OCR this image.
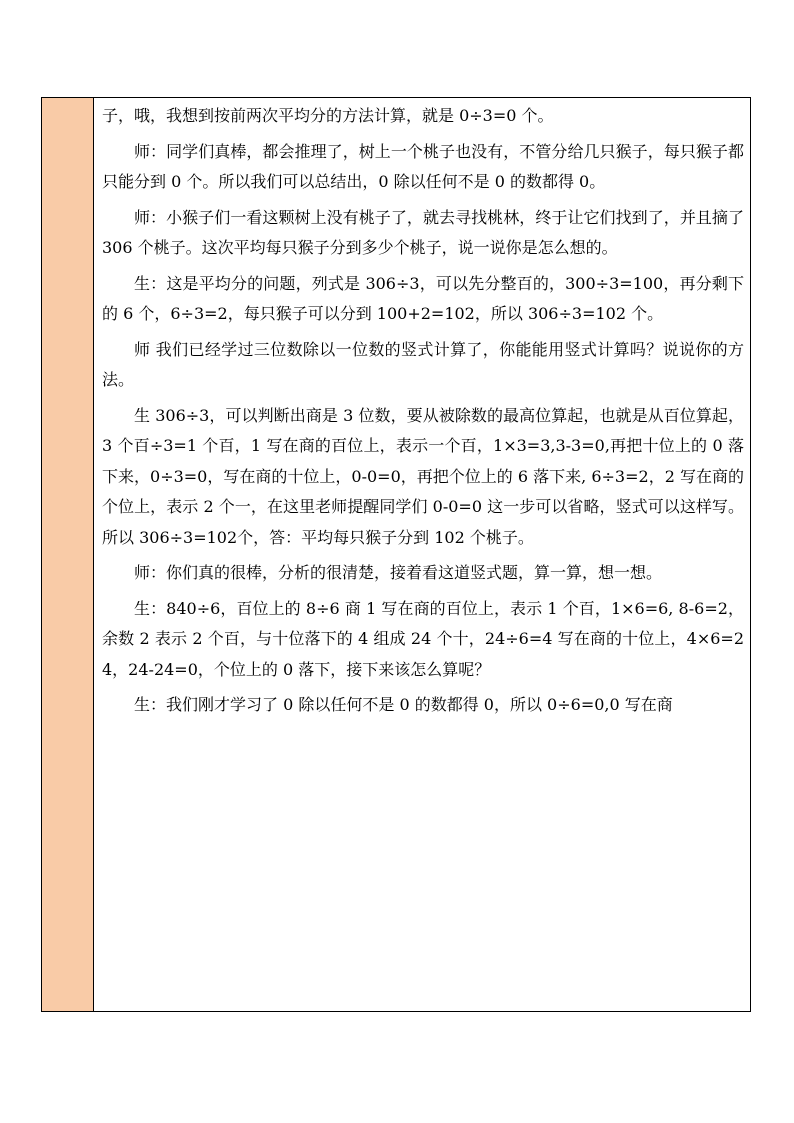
子，哦，我想到按前两次平均分的方法计算，就是 0÷3=0 个。

师：同学们真棒，都会推理了，树上一个桃子也没有，不管分给几只猴子，每只猴子都只能分到 0 个。所以我们可以总结出，0 除以任何不是 0 的数都得 0。

师：小猴子们一看这颗树上没有桃子了，就去寻找桃林，终于让它们找到了，并且摘了 306 个桃子。这次平均每只猴子分到多少个桃子，说一说你是怎么想的。

生：这是平均分的问题，列式是 306÷3，可以先分整百的，300÷3=100，再分剩下的 6 个，6÷3=2，每只猴子可以分到 100+2=102，所以 306÷3=102 个。

师 我们已经学过三位数除以一位数的竖式计算了，你能能用竖式计算吗？说说你的方法。

生 306÷3，可以判断出商是 3 位数，要从被除数的最高位算起，也就是从百位算起，3 个百÷3=1 个百，1 写在商的百位上，表示一个百，1×3=3,3-3=0,再把十位上的 0 落下来，0÷3=0，写在商的十位上，0-0=0，再把个位上的 6 落下来, 6÷3=2，2 写在商的个位上，表示 2 个一，在这里老师提醒同学们 0-0=0 这一步可以省略，竖式可以这样写。所以 306÷3=102个，答：平均每只猴子分到 102 个桃子。

师：你们真的很棒，分析的很清楚，接着看这道竖式题，算一算，想一想。

生：840÷6，百位上的 8÷6 商 1 写在商的百位上，表示 1 个百，1×6=6, 8-6=2，余数 2 表示 2 个百，与十位落下的 4 组成 24 个十，24÷6=4 写在商的十位上，4×6=24，24-24=0，个位上的 0 落下，接下来该怎么算呢？

生：我们刚才学习了 0 除以任何不是 0 的数都得 0，所以 0÷6=0,0 写在商
